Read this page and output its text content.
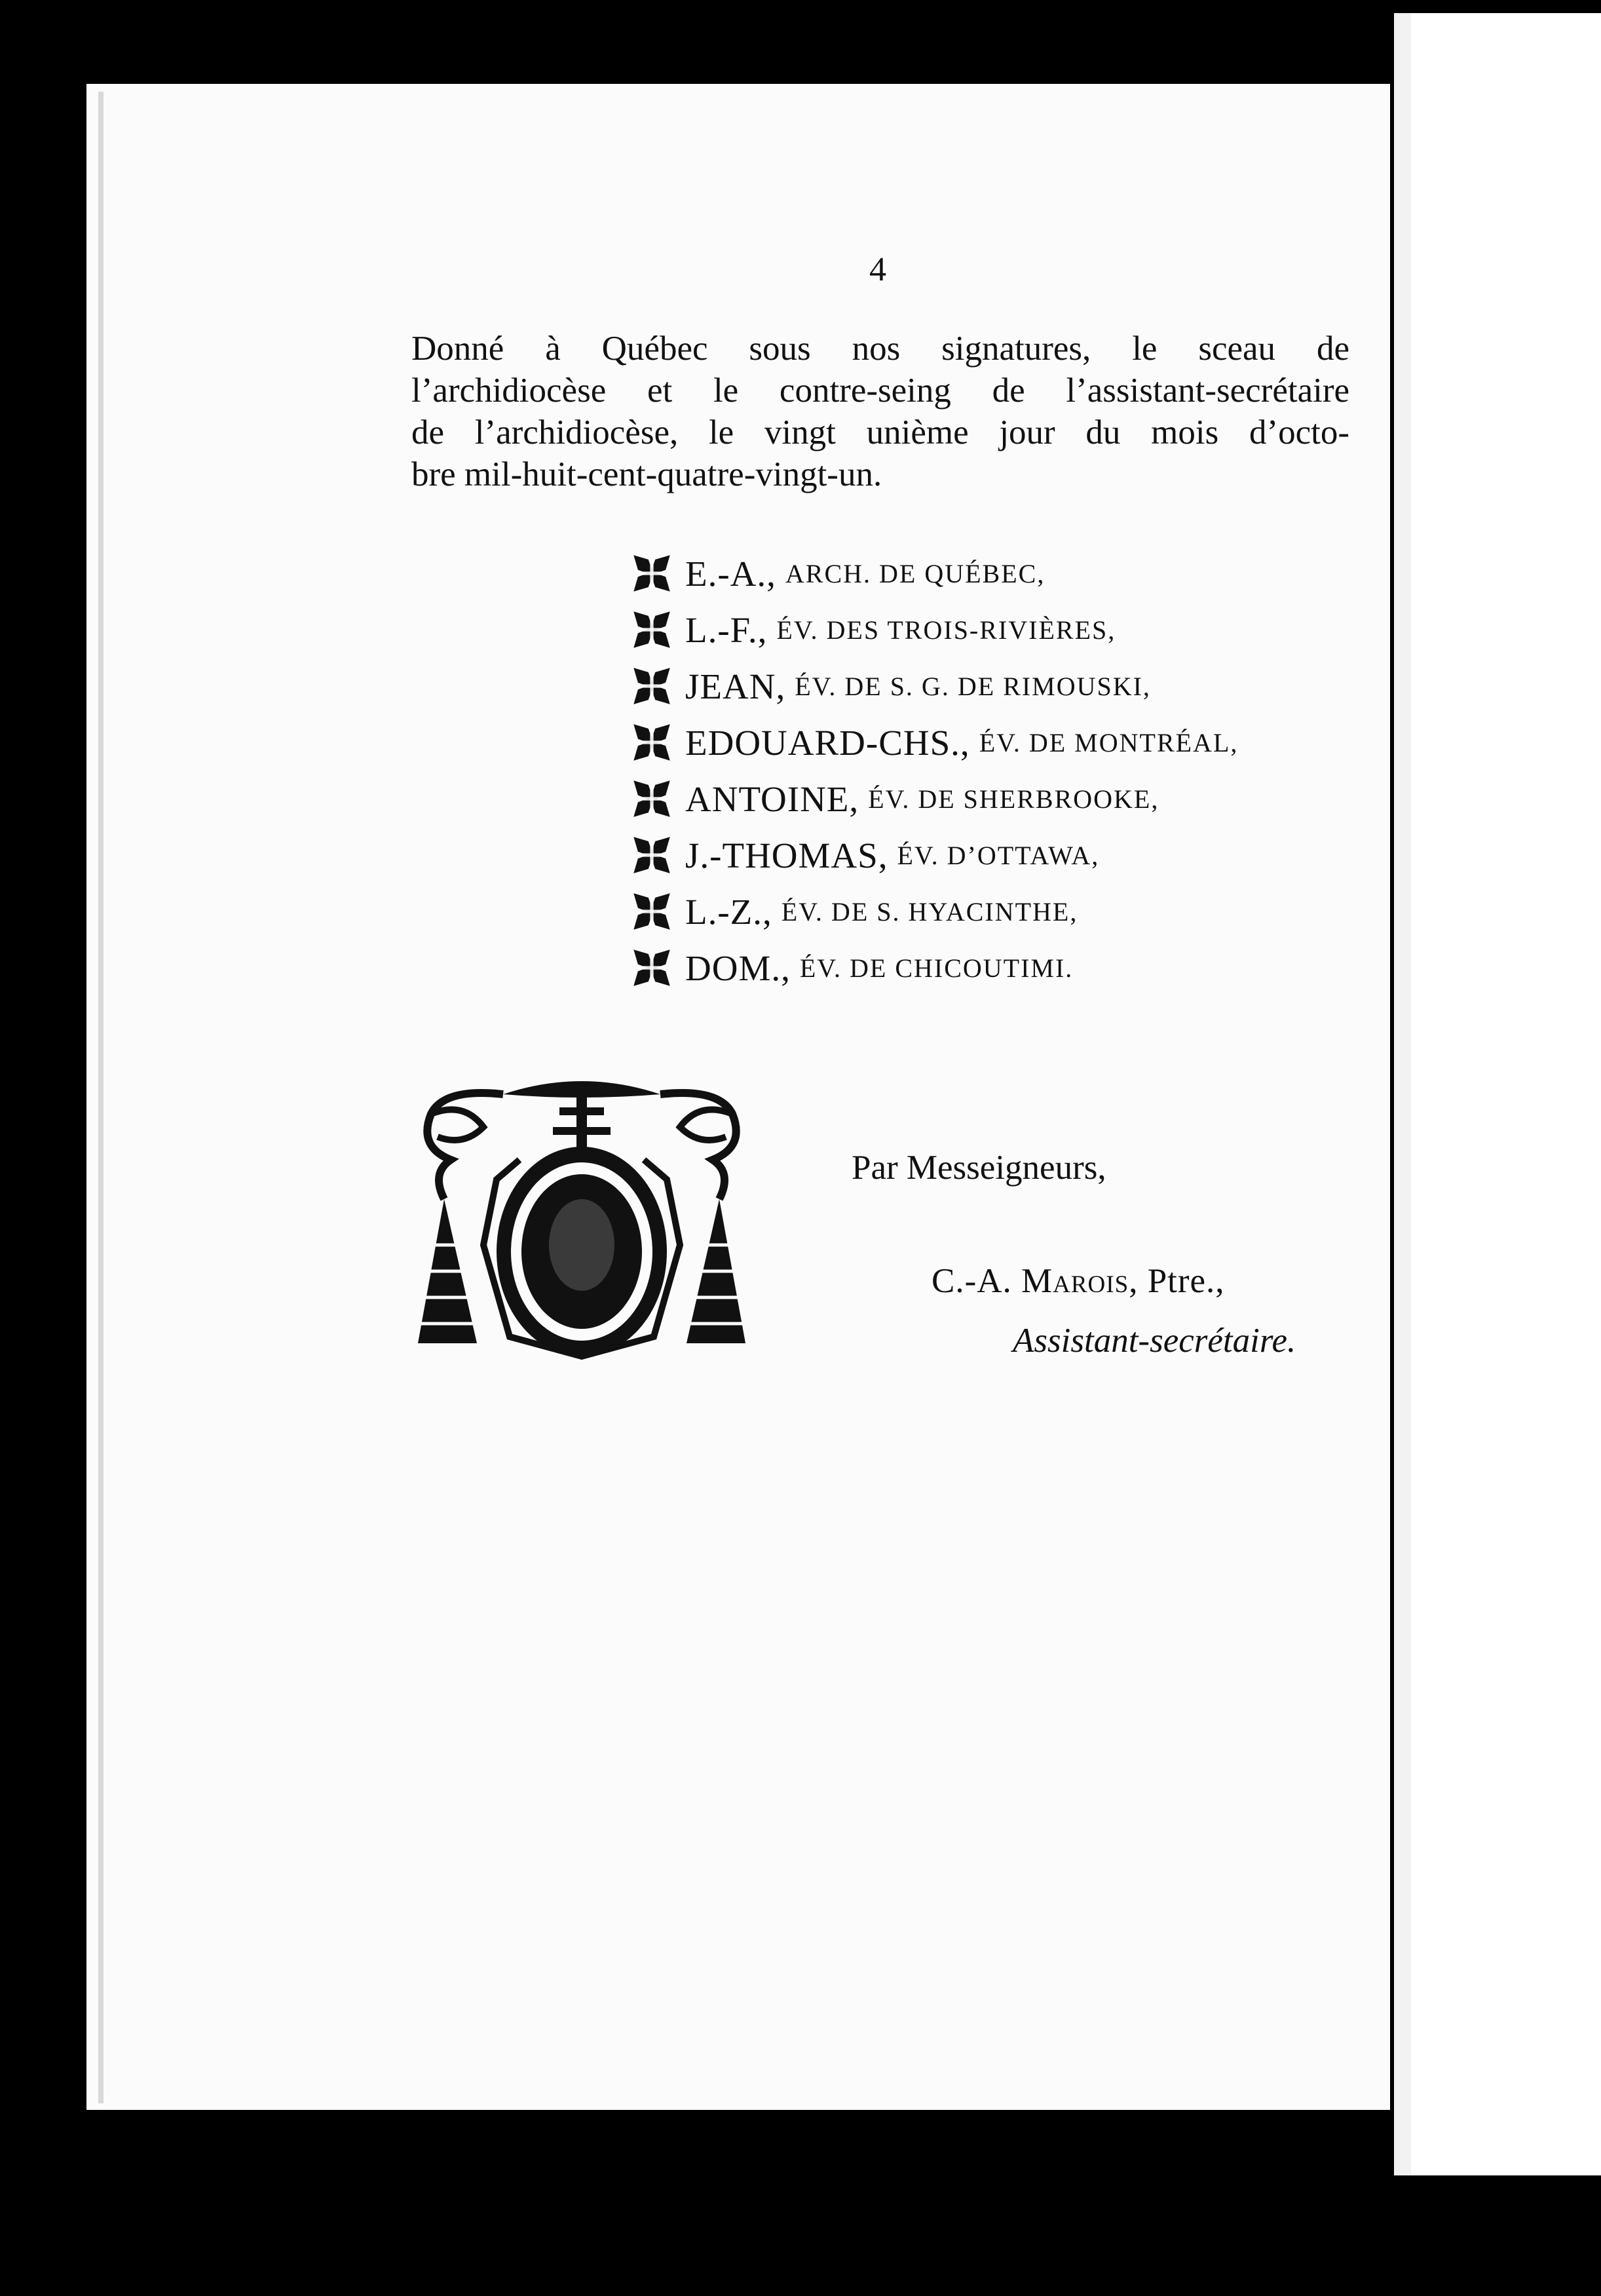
4
Donné à Québec sous nos signatures, le sceau de
l’archidiocèse et le contre-seing de l’assistant-secrétaire
de l’archidiocèse, le vingt unième jour du mois d’octo-
bre mil-huit-cent-quatre-vingt-un.
E.-A., ARCH. DE QUÉBEC,
L.-F., ÉV. DES TROIS-RIVIÈRES,
JEAN, ÉV. DE S. G. DE RIMOUSKI,
EDOUARD-CHS., ÉV. DE MONTRÉAL,
ANTOINE, ÉV. DE SHERBROOKE,
J.-THOMAS, ÉV. D’OTTAWA,
L.-Z., ÉV. DE S. HYACINTHE,
DOM., ÉV. DE CHICOUTIMI.
Par Messeigneurs,
C.-A. Marois, Ptre.,
Assistant-secrétaire.
